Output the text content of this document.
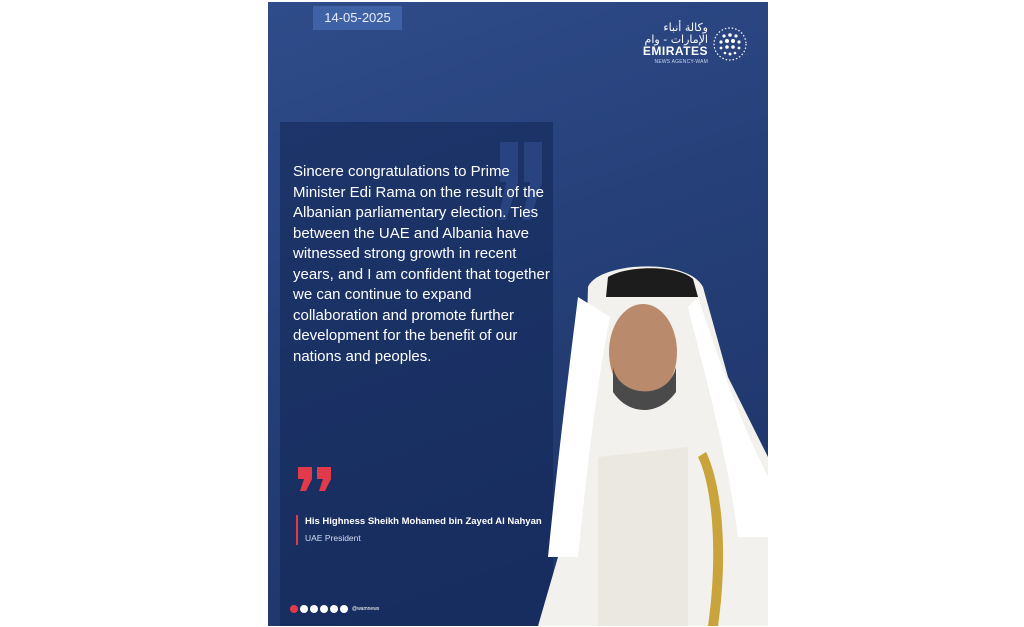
14-05-2025
وكالة أنباء الإمارات - وام
EMIRATES
NEWS AGENCY-WAM
Sincere congratulations to Prime Minister Edi Rama on the result of the Albanian parliamentary election. Ties between the UAE and Albania have witnessed strong growth in recent years, and I am confident that together we can continue to expand collaboration and promote further development for the benefit of our nations and peoples.
His Highness Sheikh Mohamed bin Zayed Al Nahyan
UAE President
@wamnews
